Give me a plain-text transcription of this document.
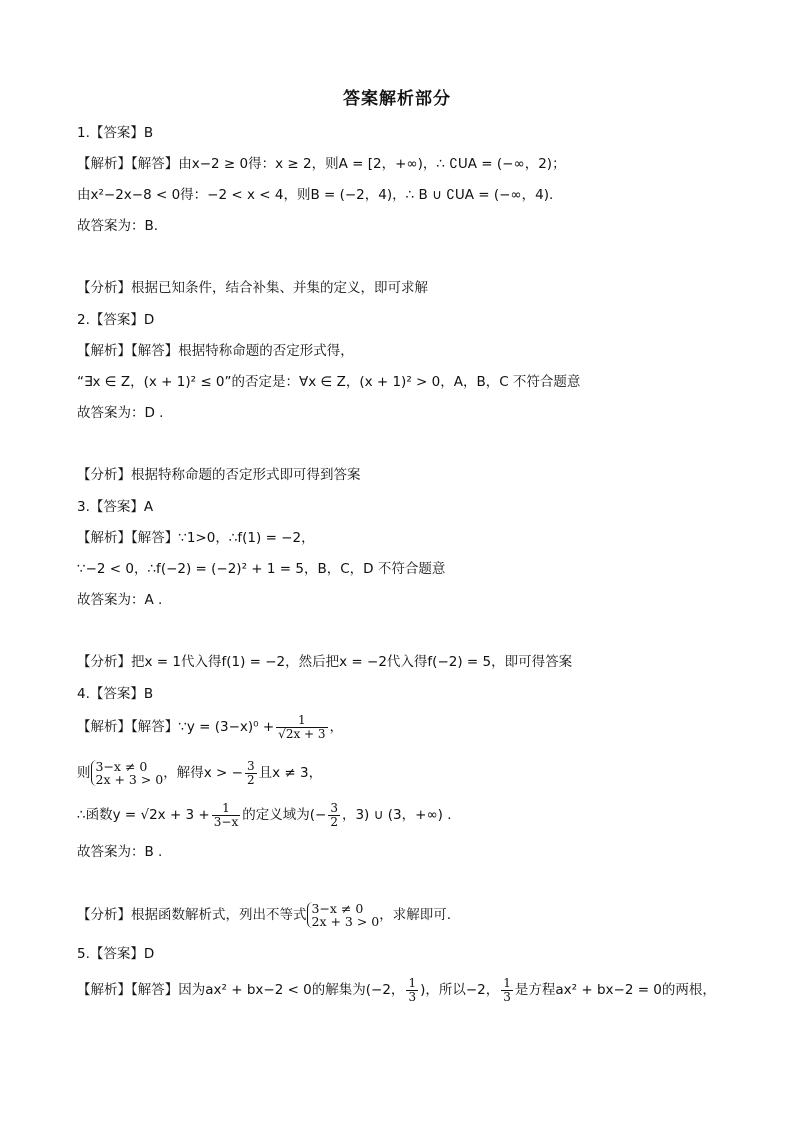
答案解析部分
1.【答案】B
【解析】【解答】由x−2 ≥ 0得：x ≥ 2，则A = [2，+∞)，∴ ∁UA = (−∞，2)；
由x²−2x−8 < 0得：−2 < x < 4，则B = (−2，4)，∴ B ∪ ∁UA = (−∞，4).
故答案为：B.
【分析】根据已知条件，结合补集、并集的定义，即可求解
2.【答案】D
【解析】【解答】根据特称命题的否定形式得，
“∃x ∈ Z，(x + 1)² ≤ 0”的否定是：∀x ∈ Z，(x + 1)² > 0，A，B，C 不符合题意
故答案为：D .
【分析】根据特称命题的否定形式即可得到答案
3.【答案】A
【解析】【解答】∵1>0，∴f(1) = −2，
∵−2 < 0，∴f(−2) = (−2)² + 1 = 5，B，C，D 不符合题意
故答案为：A .
【分析】把x = 1代入得f(1) = −2，然后把x = −2代入得f(−2) = 5，即可得答案
4.【答案】B
【解析】【解答】∵y = $(3-x)^0 + \frac{1}{√2x + 3}$ ，
则 3−x ≠ 0
2x + 3 > 0 ，解得x > − $\frac{3}{2}$ 且x ≠ 3，
∴函数$y = √2x + 3 + \frac{1}{3-x}$ 的定义域为(− $\frac{3}{2}$ ，3) ∪ (3，+∞) .
故答案为：B .
【分析】根据函数解析式，列出不等式 3−x ≠ 0
2x + 3 > 0 ，求解即可.
5.【答案】D
【解析】【解答】因为ax² + bx−2 < 0的解集为(−2， $\frac{1}{3}$ )，所以−2， $\frac{1}{3}$ 是方程ax² + bx−2 = 0的两根，
